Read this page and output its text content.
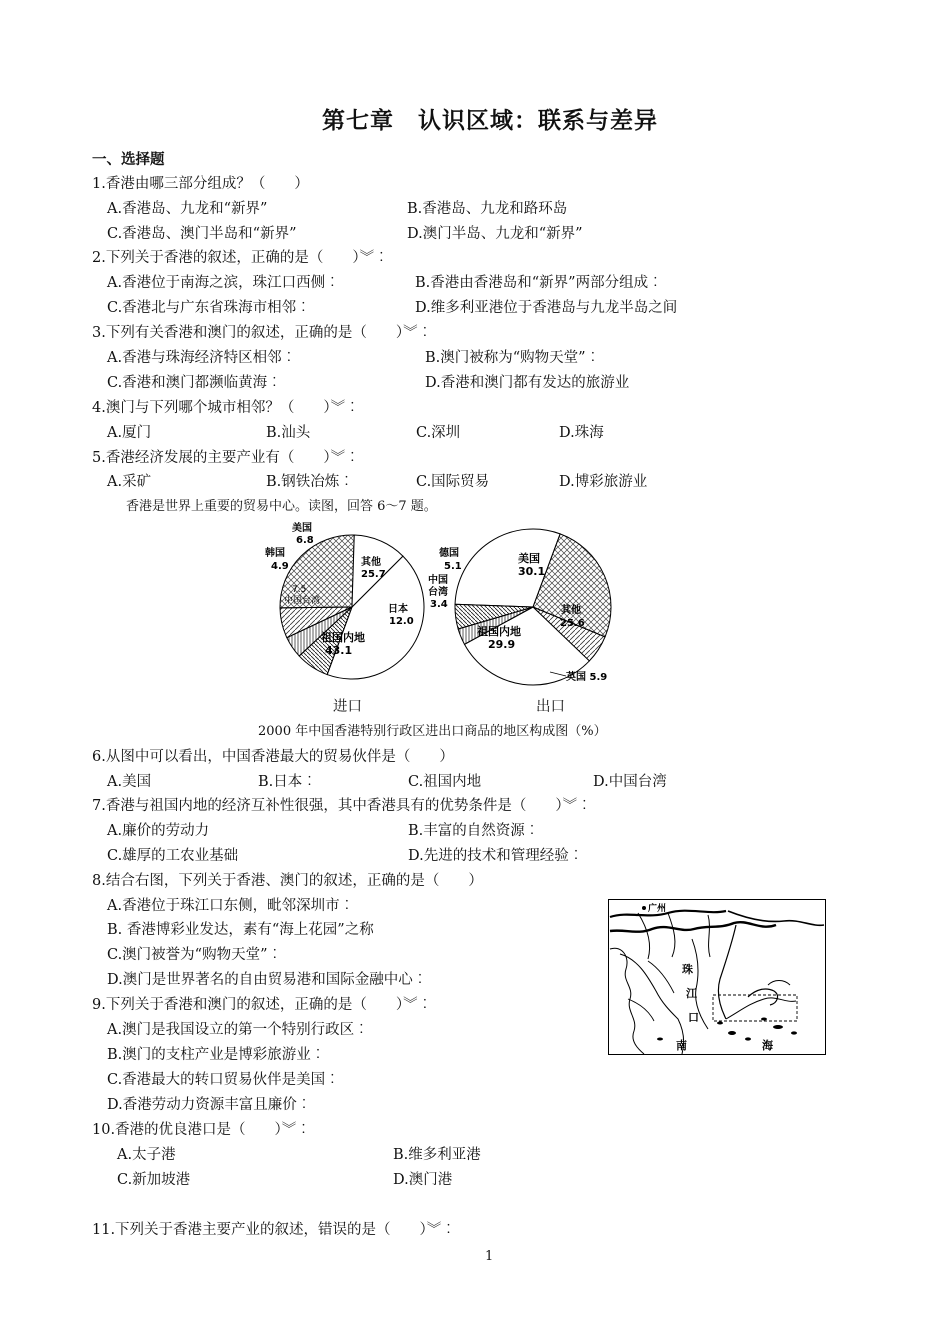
第七章　认识区域：联系与差异
一、选择题
1.香港由哪三部分组成？（　　）
A.香港岛、九龙和“新界”	B.香港岛、九龙和路环岛
C.香港岛、澳门半岛和“新界”	D.澳门半岛、九龙和“新界”
2.下列关于香港的叙述，正确的是（　　）︾︰
A.香港位于南海之滨，珠江口西侧︰	B.香港由香港岛和“新界”两部分组成︰
C.香港北与广东省珠海市相邻︰	D.维多利亚港位于香港岛与九龙半岛之间
3.下列有关香港和澳门的叙述，正确的是（　　）︾︰
A.香港与珠海经济特区相邻︰	B.澳门被称为“购物天堂”︰
C.香港和澳门都濒临黄海︰	D.香港和澳门都有发达的旅游业
4.澳门与下列哪个城市相邻？（　　）︾︰
A.厦门	B.汕头	C.深圳	D.珠海
5.香港经济发展的主要产业有（　　）︾︰
A.采矿	B.钢铁冶炼︰	C.国际贸易	D.博彩旅游业
香港是世界上重要的贸易中心。读图，回答 6～7 题。
美国
6.8
韩国
4.9
7.5
中国台湾
其他
25.7
日本
12.0
祖国内地
43.1
德国
5.1
中国
台湾
3.4
美国
30.1
其他
25.6
祖国内地
29.9
英国 5.9
进口	出口
2000 年中国香港特别行政区进出口商品的地区构成图（%）
6.从图中可以看出，中国香港最大的贸易伙伴是（　　）
A.美国	B.日本︰	C.祖国内地	D.中国台湾
7.香港与祖国内地的经济互补性很强，其中香港具有的优势条件是（　　）︾︰
A.廉价的劳动力	B.丰富的自然资源︰
C.雄厚的工农业基础	D.先进的技术和管理经验︰
8.结合右图，下列关于香港、澳门的叙述，正确的是（　　）
A.香港位于珠江口东侧，毗邻深圳市︰
B. 香港博彩业发达，素有“海上花园”之称
C.澳门被誉为“购物天堂”︰
D.澳门是世界著名的自由贸易港和国际金融中心︰
广州
珠
江
口
南	海
9.下列关于香港和澳门的叙述，正确的是（　　）︾︰
A.澳门是我国设立的第一个特别行政区︰
B.澳门的支柱产业是博彩旅游业︰
C.香港最大的转口贸易伙伴是美国︰
D.香港劳动力资源丰富且廉价︰
10.香港的优良港口是（　　）︾︰
A.太子港	B.维多利亚港
C.新加坡港	D.澳门港
11.下列关于香港主要产业的叙述，错误的是（　　）︾︰
1
